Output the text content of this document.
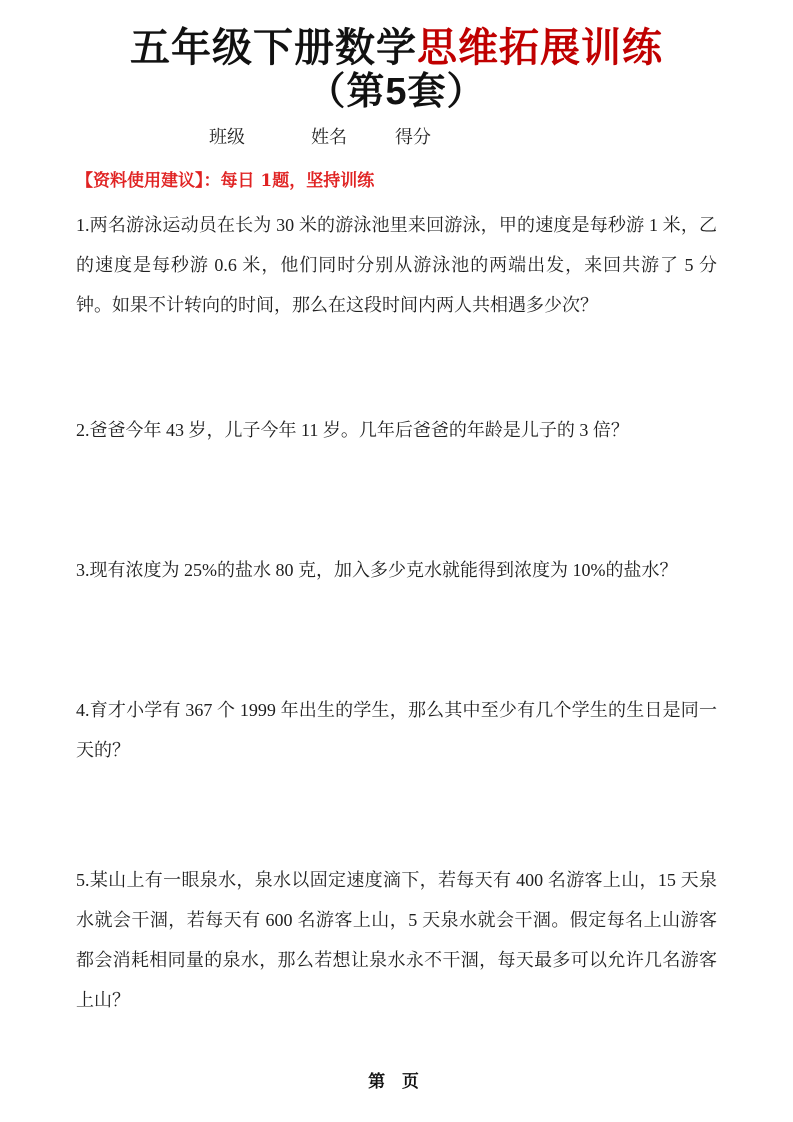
五年级下册数学思维拓展训练
（第5套）
班级	姓名	得分
【资料使用建议】：每日 1题，坚持训练
1.两名游泳运动员在长为 30 米的游泳池里来回游泳，甲的速度是每秒游 1 米，乙的速度是每秒游 0.6 米，他们同时分别从游泳池的两端出发，来回共游了 5 分钟。如果不计转向的时间，那么在这段时间内两人共相遇多少次？
2.爸爸今年 43 岁，儿子今年 11 岁。几年后爸爸的年龄是儿子的 3 倍？
3.现有浓度为 25%的盐水 80 克，加入多少克水就能得到浓度为 10%的盐水？
4.育才小学有 367 个 1999 年出生的学生，那么其中至少有几个学生的生日是同一天的？
5.某山上有一眼泉水，泉水以固定速度滴下，若每天有 400 名游客上山，15 天泉水就会干涸，若每天有 600 名游客上山，5 天泉水就会干涸。假定每名上山游客都会消耗相同量的泉水，那么若想让泉水永不干涸，每天最多可以允许几名游客上山？
第 页
